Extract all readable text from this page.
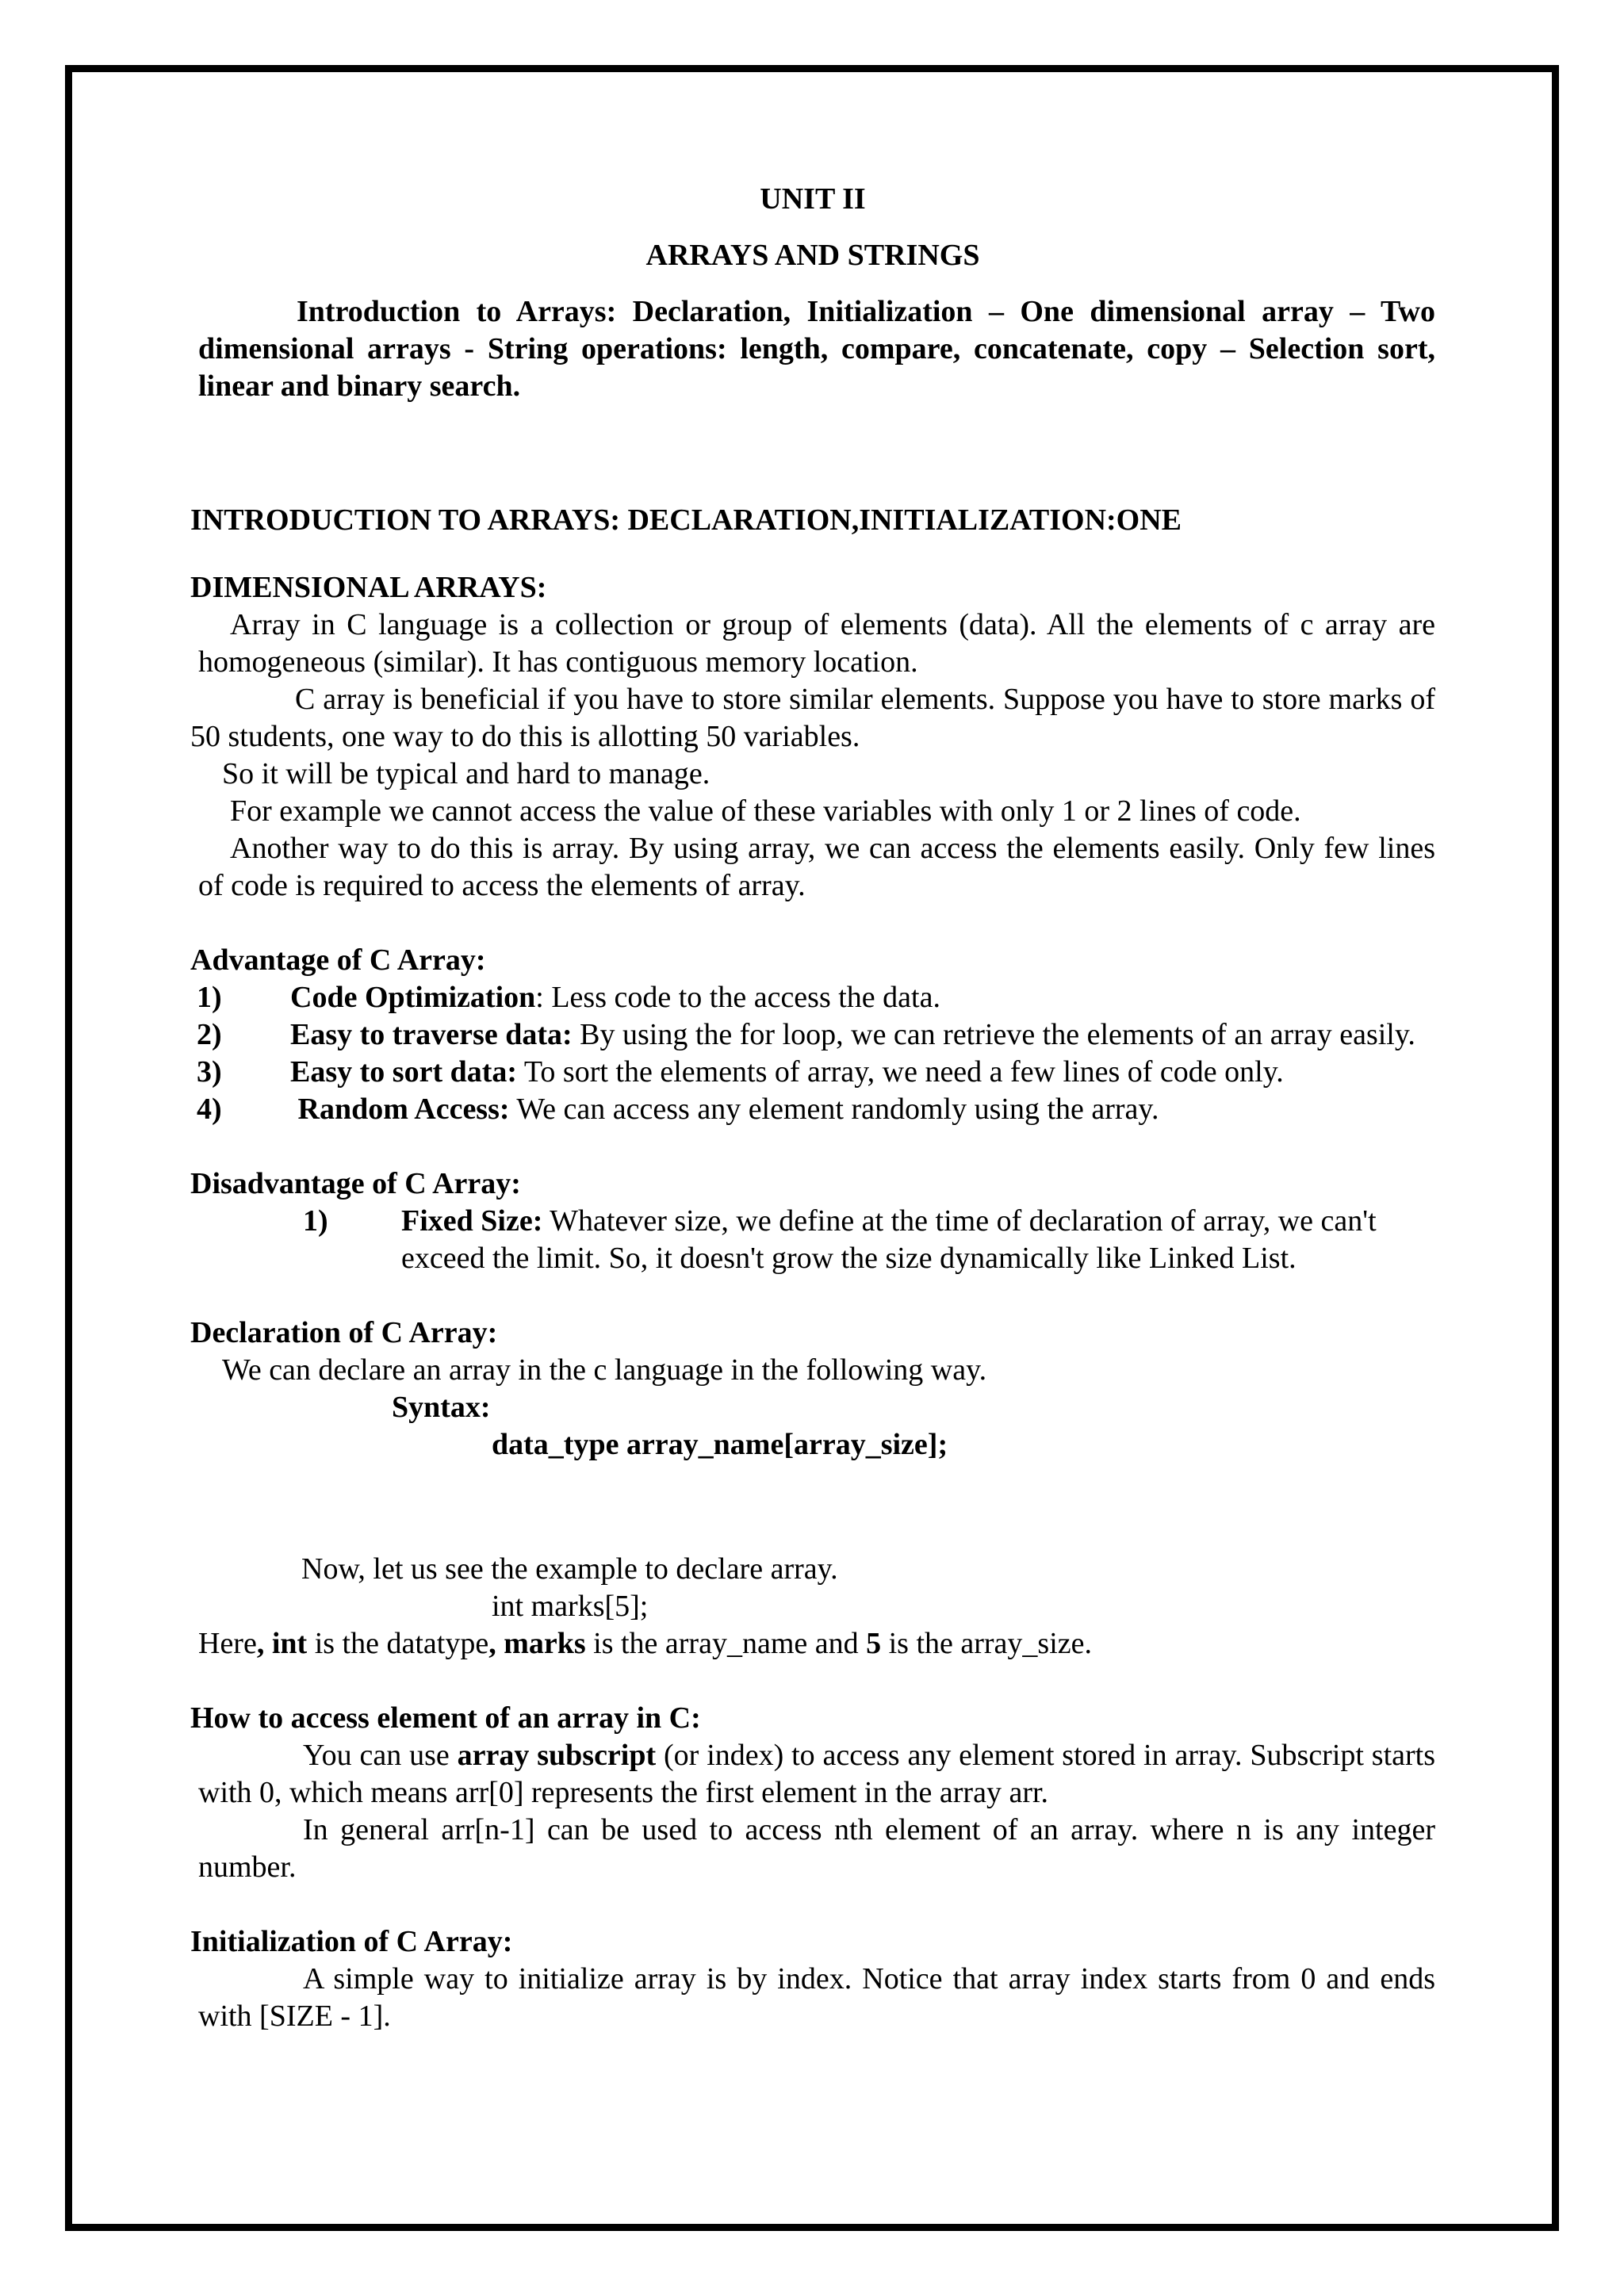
UNIT II

ARRAYS AND STRINGS

Introduction to Arrays: Declaration, Initialization – One dimensional array – Two dimensional arrays - String operations: length, compare, concatenate, copy – Selection sort, linear and binary search.

INTRODUCTION TO ARRAYS: DECLARATION,INITIALIZATION:ONE

DIMENSIONAL ARRAYS:

Array in C language is a collection or group of elements (data). All the elements of c array are homogeneous (similar). It has contiguous memory location.

C array is beneficial if you have to store similar elements. Suppose you have to store marks of 50 students, one way to do this is allotting 50 variables.

So it will be typical and hard to manage.

For example we cannot access the value of these variables with only 1 or 2 lines of code.

Another way to do this is array. By using array, we can access the elements easily. Only few lines of code is required to access the elements of array.

Advantage of C Array:

1) Code Optimization: Less code to the access the data.

2) Easy to traverse data: By using the for loop, we can retrieve the elements of an array easily.

3) Easy to sort data: To sort the elements of array, we need a few lines of code only.

4)	Random Access: We can access any element randomly using the array.

Disadvantage of C Array:

1) Fixed Size: Whatever size, we define at the time of declaration of array, we can't exceed the limit. So, it doesn't grow the size dynamically like Linked List.

Declaration of C Array:

We can declare an array in the c language in the following way.

Syntax:

data_type array_name[array_size];

Now, let us see the example to declare array.

int marks[5];

Here, int is the datatype, marks is the array_name and 5 is the array_size.

How to access element of an array in C:

You can use array subscript (or index) to access any element stored in array. Subscript starts with 0, which means arr[0] represents the first element in the array arr.

In general arr[n-1] can be used to access nth element of an array. where n is any integer number.

Initialization of C Array:

A simple way to initialize array is by index. Notice that array index starts from 0 and ends with [SIZE - 1].
